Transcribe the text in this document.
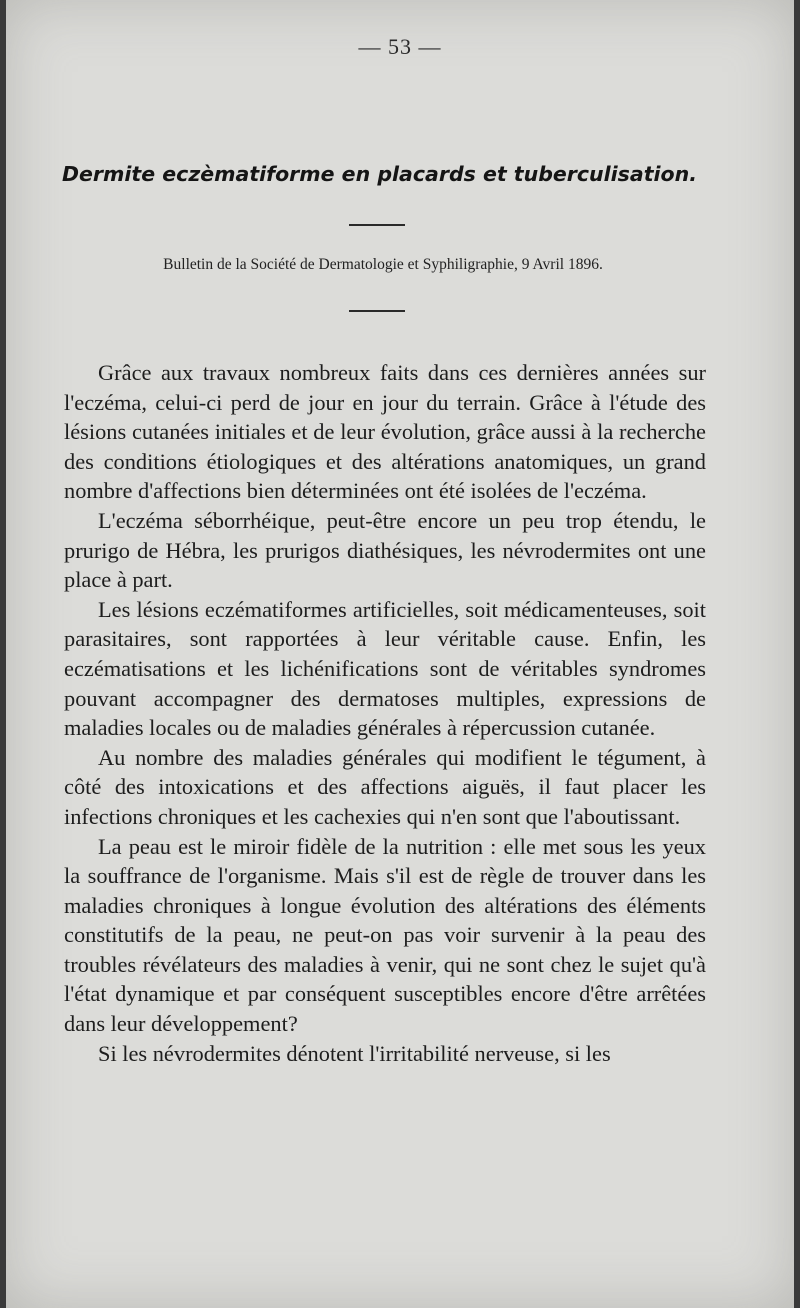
— 53 —
Dermite eczèmatiforme en placards et tuberculisation.
Bulletin de la Société de Dermatologie et Syphiligraphie, 9 Avril 1896.

Grâce aux travaux nombreux faits dans ces dernières années sur l'eczéma, celui-ci perd de jour en jour du terrain. Grâce à l'étude des lésions cutanées initiales et de leur évolution, grâce aussi à la recherche des conditions étiologiques et des altérations anatomiques, un grand nombre d'affections bien déterminées ont été isolées de l'eczéma.

L'eczéma séborrhéique, peut-être encore un peu trop étendu, le prurigo de Hébra, les prurigos diathésiques, les névrodermites ont une place à part.

Les lésions eczématiformes artificielles, soit médicamenteuses, soit parasitaires, sont rapportées à leur véritable cause. Enfin, les eczématisations et les lichénifications sont de véritables syndromes pouvant accompagner des dermatoses multiples, expressions de maladies locales ou de maladies générales à répercussion cutanée.

Au nombre des maladies générales qui modifient le tégument, à côté des intoxications et des affections aiguës, il faut placer les infections chroniques et les cachexies qui n'en sont que l'aboutissant.

La peau est le miroir fidèle de la nutrition : elle met sous les yeux la souffrance de l'organisme. Mais s'il est de règle de trouver dans les maladies chroniques à longue évolution des altérations des éléments constitutifs de la peau, ne peut-on pas voir survenir à la peau des troubles révélateurs des maladies à venir, qui ne sont chez le sujet qu'à l'état dynamique et par conséquent susceptibles encore d'être arrêtées dans leur développement?

Si les névrodermites dénotent l'irritabilité nerveuse, si les
